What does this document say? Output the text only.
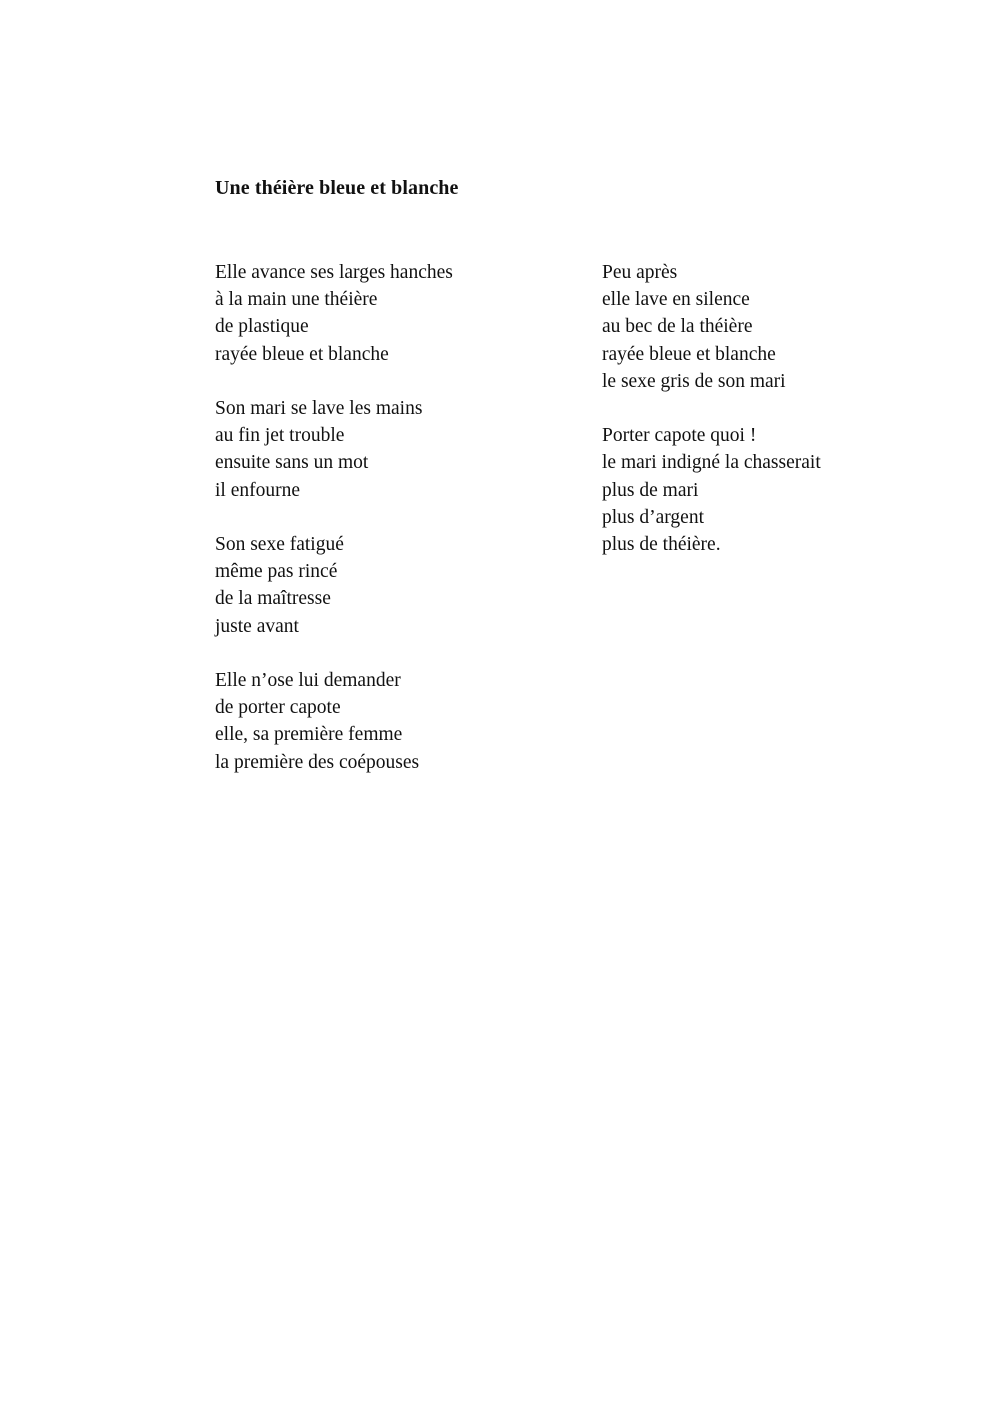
Une théière bleue et blanche
Elle avance ses larges hanches
à la main une théière
de plastique
rayée bleue et blanche
Son mari se lave les mains
au fin jet trouble
ensuite sans un mot
il enfourne
Son sexe fatigué
même pas rincé
de la maîtresse
juste avant
Elle n’ose lui demander
de porter capote
elle, sa première femme
la première des coépouses
Peu après
elle lave en silence
au bec de la théière
rayée bleue et blanche
le sexe gris de son mari
Porter capote quoi !
le mari indigné la chasserait
plus de mari
plus d’argent
plus de théière.
